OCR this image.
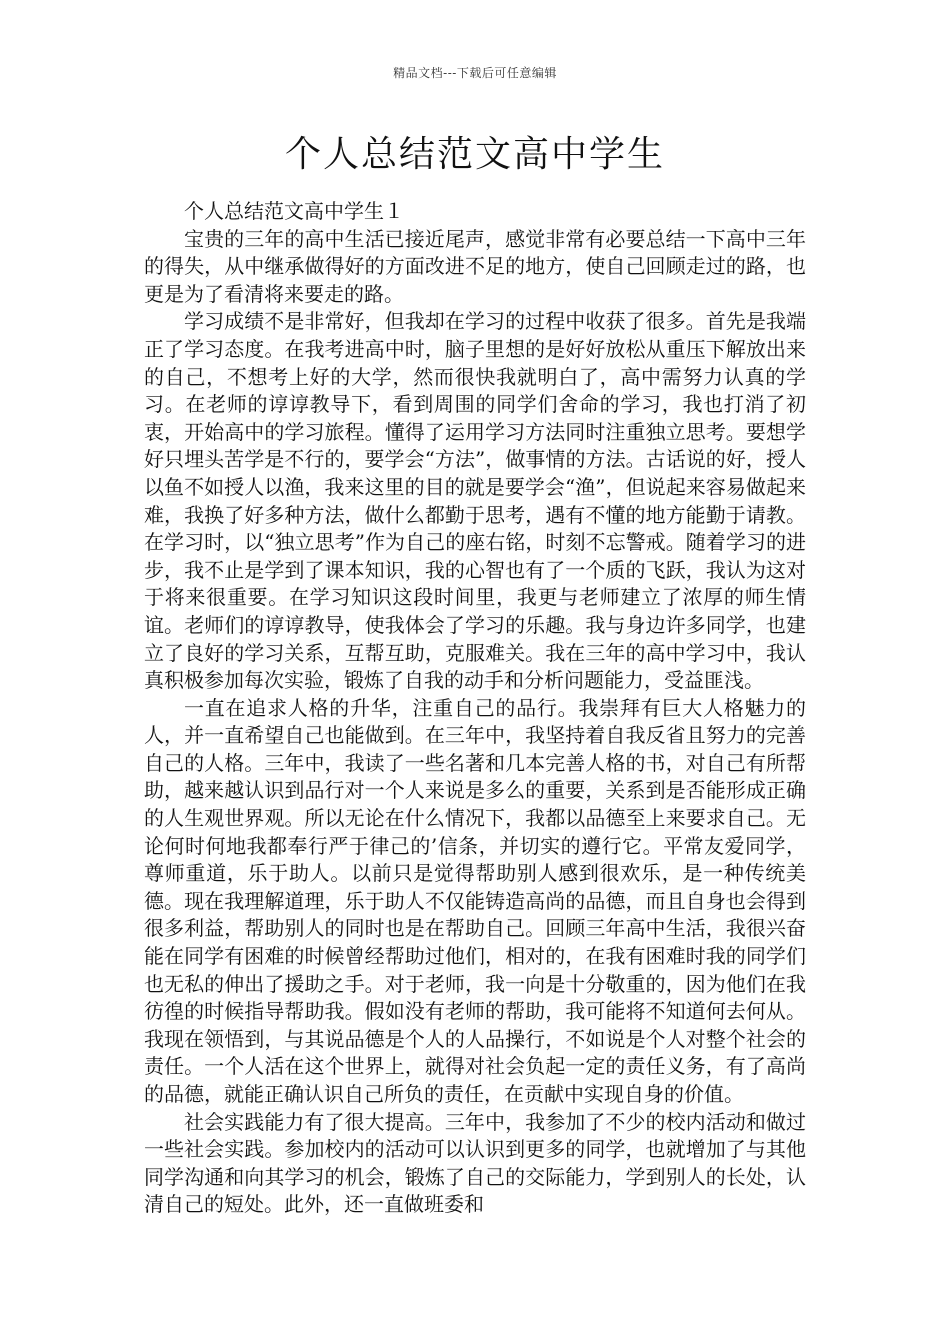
精品文档---下载后可任意编辑
个人总结范文高中学生

个人总结范文高中学生１

宝贵的三年的高中生活已接近尾声，感觉非常有必要总结一下高中三年的得失，从中继承做得好的方面改进不足的地方，使自己回顾走过的路，也更是为了看清将来要走的路。

学习成绩不是非常好，但我却在学习的过程中收获了很多。首先是我端正了学习态度。在我考进高中时，脑子里想的是好好放松从重压下解放出来的自己，不想考上好的大学，然而很快我就明白了，高中需努力认真的学习。在老师的谆谆教导下，看到周围的同学们舍命的学习，我也打消了初衷，开始高中的学习旅程。懂得了运用学习方法同时注重独立思考。要想学好只埋头苦学是不行的，要学会“方法”，做事情的方法。古话说的好，授人以鱼不如授人以渔，我来这里的目的就是要学会“渔”，但说起来容易做起来难，我换了好多种方法，做什么都勤于思考，遇有不懂的地方能勤于请教。在学习时，以“独立思考”作为自己的座右铭，时刻不忘警戒。随着学习的进步，我不止是学到了课本知识，我的心智也有了一个质的飞跃，我认为这对于将来很重要。在学习知识这段时间里，我更与老师建立了浓厚的师生情谊。老师们的谆谆教导，使我体会了学习的乐趣。我与身边许多同学，也建立了良好的学习关系，互帮互助，克服难关。我在三年的高中学习中，我认真积极参加每次实验，锻炼了自我的动手和分析问题能力，受益匪浅。

一直在追求人格的升华，注重自己的品行。我崇拜有巨大人格魅力的人，并一直希望自己也能做到。在三年中，我坚持着自我反省且努力的完善自己的人格。三年中，我读了一些名著和几本完善人格的书，对自己有所帮助，越来越认识到品行对一个人来说是多么的重要，关系到是否能形成正确的人生观世界观。所以无论在什么情况下，我都以品德至上来要求自己。无论何时何地我都奉行严于律己的’信条，并切实的遵行它。平常友爱同学，尊师重道，乐于助人。以前只是觉得帮助别人感到很欢乐，是一种传统美德。现在我理解道理，乐于助人不仅能铸造高尚的品德，而且自身也会得到很多利益，帮助别人的同时也是在帮助自己。回顾三年高中生活，我很兴奋能在同学有困难的时候曾经帮助过他们，相对的，在我有困难时我的同学们也无私的伸出了援助之手。对于老师，我一向是十分敬重的，因为他们在我彷徨的时候指导帮助我。假如没有老师的帮助，我可能将不知道何去何从。我现在领悟到，与其说品德是个人的人品操行，不如说是个人对整个社会的责任。一个人活在这个世界上，就得对社会负起一定的责任义务，有了高尚的品德，就能正确认识自己所负的责任，在贡献中实现自身的价值。

社会实践能力有了很大提高。三年中，我参加了不少的校内活动和做过一些社会实践。参加校内的活动可以认识到更多的同学，也就增加了与其他同学沟通和向其学习的机会，锻炼了自己的交际能力，学到别人的长处，认清自己的短处。此外，还一直做班委和
